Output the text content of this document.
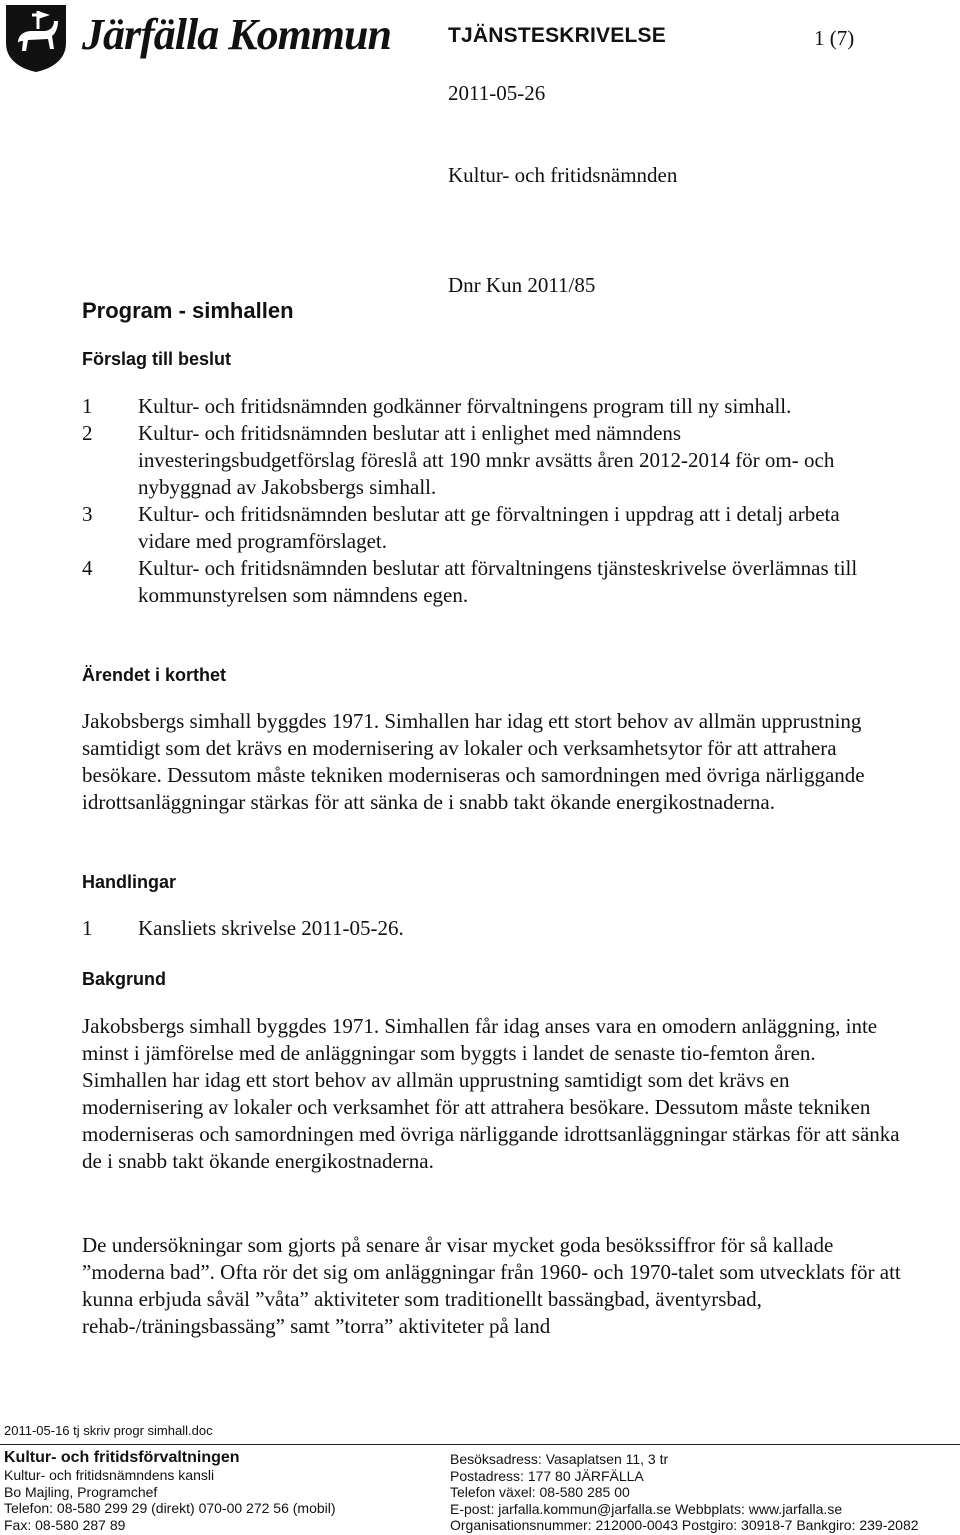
Järfälla Kommun	TJÄNSTESKRIVELSE	1 (7)
2011-05-26
Kultur- och fritidsnämnden
Dnr Kun 2011/85
Program - simhallen
Förslag till beslut
1 Kultur- och fritidsnämnden godkänner förvaltningens program till ny simhall.
2 Kultur- och fritidsnämnden beslutar att i enlighet med nämndens investeringsbudgetförslag föreslå att 190 mnkr avsätts åren 2012-2014 för om- och nybyggnad av Jakobsbergs simhall.
3 Kultur- och fritidsnämnden beslutar att ge förvaltningen i uppdrag att i detalj arbeta vidare med programförslaget.
4 Kultur- och fritidsnämnden beslutar att förvaltningens tjänsteskrivelse överlämnas till kommunstyrelsen som nämndens egen.
Ärendet i korthet

Jakobsbergs simhall byggdes 1971. Simhallen har idag ett stort behov av allmän upprustning samtidigt som det krävs en modernisering av lokaler och verksamhetsytor för att attrahera besökare. Dessutom måste tekniken moderniseras och samordningen med övriga närliggande idrottsanläggningar stärkas för att sänka de i snabb takt ökande energikostnaderna.

Handlingar
1 Kansliets skrivelse 2011-05-26.
Bakgrund

Jakobsbergs simhall byggdes 1971. Simhallen får idag anses vara en omodern anläggning, inte minst i jämförelse med de anläggningar som byggts i landet de senaste tio-femton åren. Simhallen har idag ett stort behov av allmän upprustning samtidigt som det krävs en modernisering av lokaler och verksamhet för att attrahera besökare. Dessutom måste tekniken moderniseras och samordningen med övriga närliggande idrottsanläggningar stärkas för att sänka de i snabb takt ökande energikostnaderna.

De undersökningar som gjorts på senare år visar mycket goda besökssiffror för så kallade ”moderna bad”. Ofta rör det sig om anläggningar från 1960- och 1970-talet som utvecklats för att kunna erbjuda såväl ”våta” aktiviteter som traditionellt bassängbad, äventyrsbad, rehab-/träningsbassäng” samt ”torra” aktiviteter på land

2011-05-16 tj skriv progr simhall.doc
Kultur- och fritidsförvaltningen
Kultur- och fritidsnämndens kansli
Bo Majling, Programchef
Telefon: 08-580 299 29 (direkt) 070-00 272 56 (mobil)
Fax: 08-580 287 89
Besöksadress: Vasaplatsen 11, 3 tr
Postadress: 177 80 JÄRFÄLLA
Telefon växel: 08-580 285 00
E-post: jarfalla.kommun@jarfalla.se Webbplats: www.jarfalla.se
Organisationsnummer: 212000-0043 Postgiro: 30918-7 Bankgiro: 239-2082
